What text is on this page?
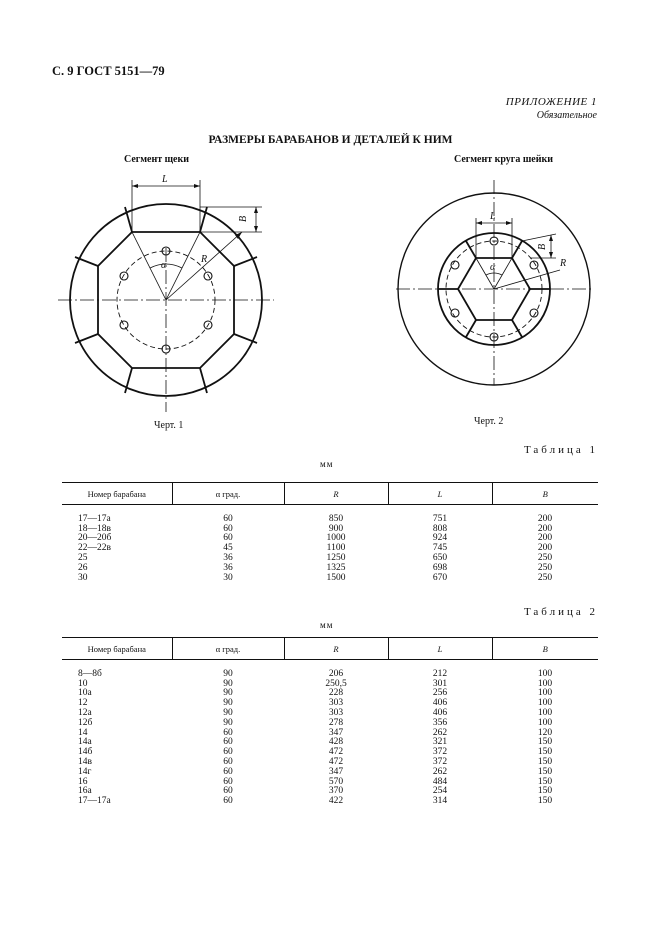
С. 9 ГОСТ 5151—79
ПРИЛОЖЕНИЕ 1
Обязательное
РАЗМЕРЫ БАРАБАНОВ И ДЕТАЛЕЙ К НИМ
Сегмент щеки	Сегмент круга шейки
L
B
R
α
L
B
R
α
Черт. 1	Черт. 2
Таблица 1
мм
Номер барабана	α град.	R	L	B

17—17а	60	850	751	200
18—18в	60	900	808	200
20—20б	60	1000	924	200
22—22в	45	1100	745	200
25	36	1250	650	250
26	36	1325	698	250
30	30	1500	670	250
Таблица 2
мм
Номер барабана	α град.	R	L	B

8—8б	90	206	212	100
10	90	250,5	301	100
10а	90	228	256	100
12	90	303	406	100
12а	90	303	406	100
12б	90	278	356	100
14	60	347	262	120
14а	60	428	321	150
14б	60	472	372	150
14в	60	472	372	150
14г	60	347	262	150
16	60	570	484	150
16а	60	370	254	150
17—17а	60	422	314	150
